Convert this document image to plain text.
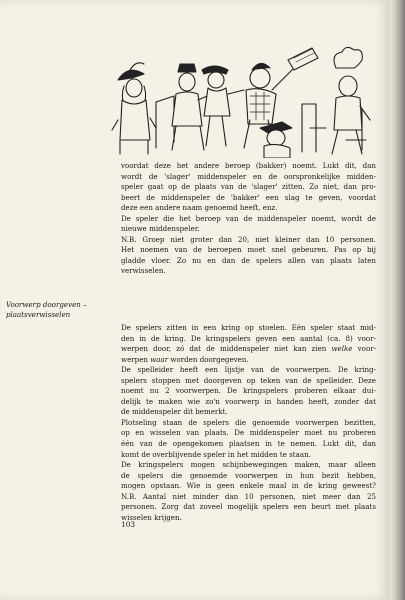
voordat deze het andere beroep (bakker) noemt. Lukt dit, dan
wordt de 'slager' middenspeler en de oorspronkelijke midden-
speler gaat op de plaats van de 'slager' zitten. Zo niet, dan pro-
beert de middenspeler de 'bakker' een slag te geven, voordat
deze een andere naam genoemd heeft, enz.
De speler die het beroep van de middenspeler noemt, wordt de
nieuwe middenspeler.
N.B. Groep niet groter dan 20, niet kleiner dan 10 personen.
Het noemen van de beroepen moet snel gebeuren. Pas op bij
gladde vloer. Zo nu en dan de spelers allen van plaats laten
verwisselen.
Voorwerp doorgeven –
plaatsverwisselen
De spelers zitten in een kring op stoelen. Eén speler staat mid-
den in de kring. De kringspelers geven een aantal (ca. 8) voor-
werpen door, zó dat de middenspeler niet kan zien welke voor-
werpen waar worden doorgegeven.
De spelleider heeft een lijstje van de voorwerpen. De kring-
spelers stoppen met doorgeven op teken van de spelleider. Deze
noemt nu 2 voorwerpen. De kringspelers proberen elkaar dui-
delijk te maken wie zo'n voorwerp in handen heeft, zonder dat
de middenspeler dit bemerkt.
Plotseling staan de spelers die genoemde voorwerpen bezitten,
op en wisselen van plaats. De middenspeler moet nu proberen
één van de opengekomen plaatsen in te nemen. Lukt dit, dan
komt de overblijvende speler in het midden te staan.
De kringspelers mogen schijnbewegingen maken, maar alleen
de spelers die genoemde voorwerpen in hun bezit hebben,
mogen opstaan. Wie is geen enkele maal in de kring geweest?
N.B. Aantal niet minder dan 10 personen, niet meer dan 25
personen. Zorg dat zoveel mogelijk spelers een beurt met plaats
wisselen krijgen.
103
